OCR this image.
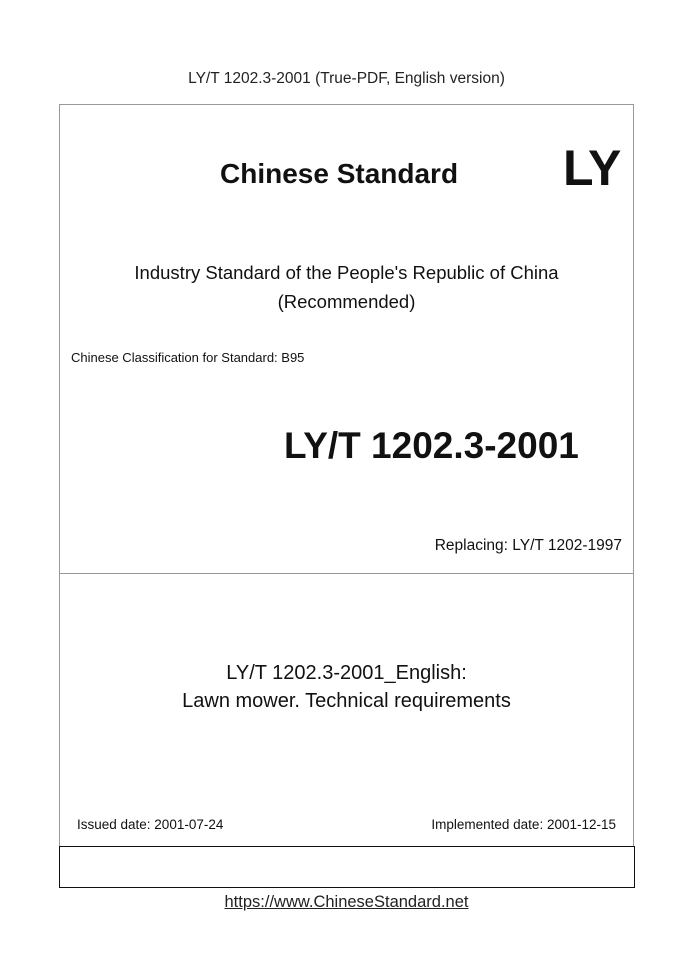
LY/T 1202.3-2001 (True-PDF, English version)
Chinese Standard LY
Industry Standard of the People's Republic of China
(Recommended)
Chinese Classification for Standard: B95
LY/T 1202.3-2001
Replacing: LY/T 1202-1997
LY/T 1202.3-2001_English:
Lawn mower. Technical requirements
Issued date: 2001-07-24	Implemented date: 2001-12-15
https://www.ChineseStandard.net
